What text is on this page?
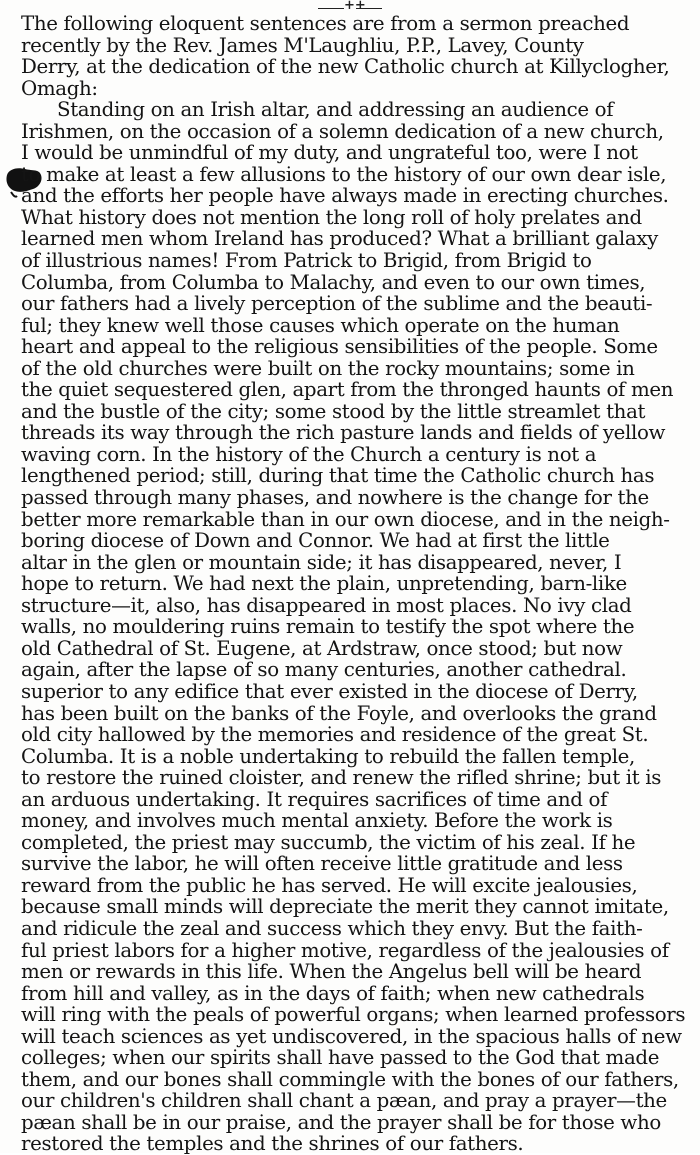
++
The following eloquent sentences are from a sermon preached
recently by the Rev. James M'Laughliu, P.P., Lavey, County
Derry, at the dedication of the new Catholic church at Killyclogher,
Omagh:
Standing on an Irish altar, and addressing an audience of
Irishmen, on the occasion of a solemn dedication of a new church,
I would be unmindful of my duty, and ungrateful too, were I not
to make at least a few allusions to the history of our own dear isle,
and the efforts her people have always made in erecting churches.
What history does not mention the long roll of holy prelates and
learned men whom Ireland has produced? What a brilliant galaxy
of illustrious names! From Patrick to Brigid, from Brigid to
Columba, from Columba to Malachy, and even to our own times,
our fathers had a lively perception of the sublime and the beauti-
ful; they knew well those causes which operate on the human
heart and appeal to the religious sensibilities of the people. Some
of the old churches were built on the rocky mountains; some in
the quiet sequestered glen, apart from the thronged haunts of men
and the bustle of the city; some stood by the little streamlet that
threads its way through the rich pasture lands and fields of yellow
waving corn. In the history of the Church a century is not a
lengthened period; still, during that time the Catholic church has
passed through many phases, and nowhere is the change for the
better more remarkable than in our own diocese, and in the neigh-
boring diocese of Down and Connor. We had at first the little
altar in the glen or mountain side; it has disappeared, never, I
hope to return. We had next the plain, unpretending, barn-like
structure—it, also, has disappeared in most places. No ivy clad
walls, no mouldering ruins remain to testify the spot where the
old Cathedral of St. Eugene, at Ardstraw, once stood; but now
again, after the lapse of so many centuries, another cathedral.
superior to any edifice that ever existed in the diocese of Derry,
has been built on the banks of the Foyle, and overlooks the grand
old city hallowed by the memories and residence of the great St.
Columba. It is a noble undertaking to rebuild the fallen temple,
to restore the ruined cloister, and renew the rifled shrine; but it is
an arduous undertaking. It requires sacrifices of time and of
money, and involves much mental anxiety. Before the work is
completed, the priest may succumb, the victim of his zeal. If he
survive the labor, he will often receive little gratitude and less
reward from the public he has served. He will excite jealousies,
because small minds will depreciate the merit they cannot imitate,
and ridicule the zeal and success which they envy. But the faith-
ful priest labors for a higher motive, regardless of the jealousies of
men or rewards in this life. When the Angelus bell will be heard
from hill and valley, as in the days of faith; when new cathedrals
will ring with the peals of powerful organs; when learned professors
will teach sciences as yet undiscovered, in the spacious halls of new
colleges; when our spirits shall have passed to the God that made
them, and our bones shall commingle with the bones of our fathers,
our children's children shall chant a pæan, and pray a prayer—the
pæan shall be in our praise, and the prayer shall be for those who
restored the temples and the shrines of our fathers.
